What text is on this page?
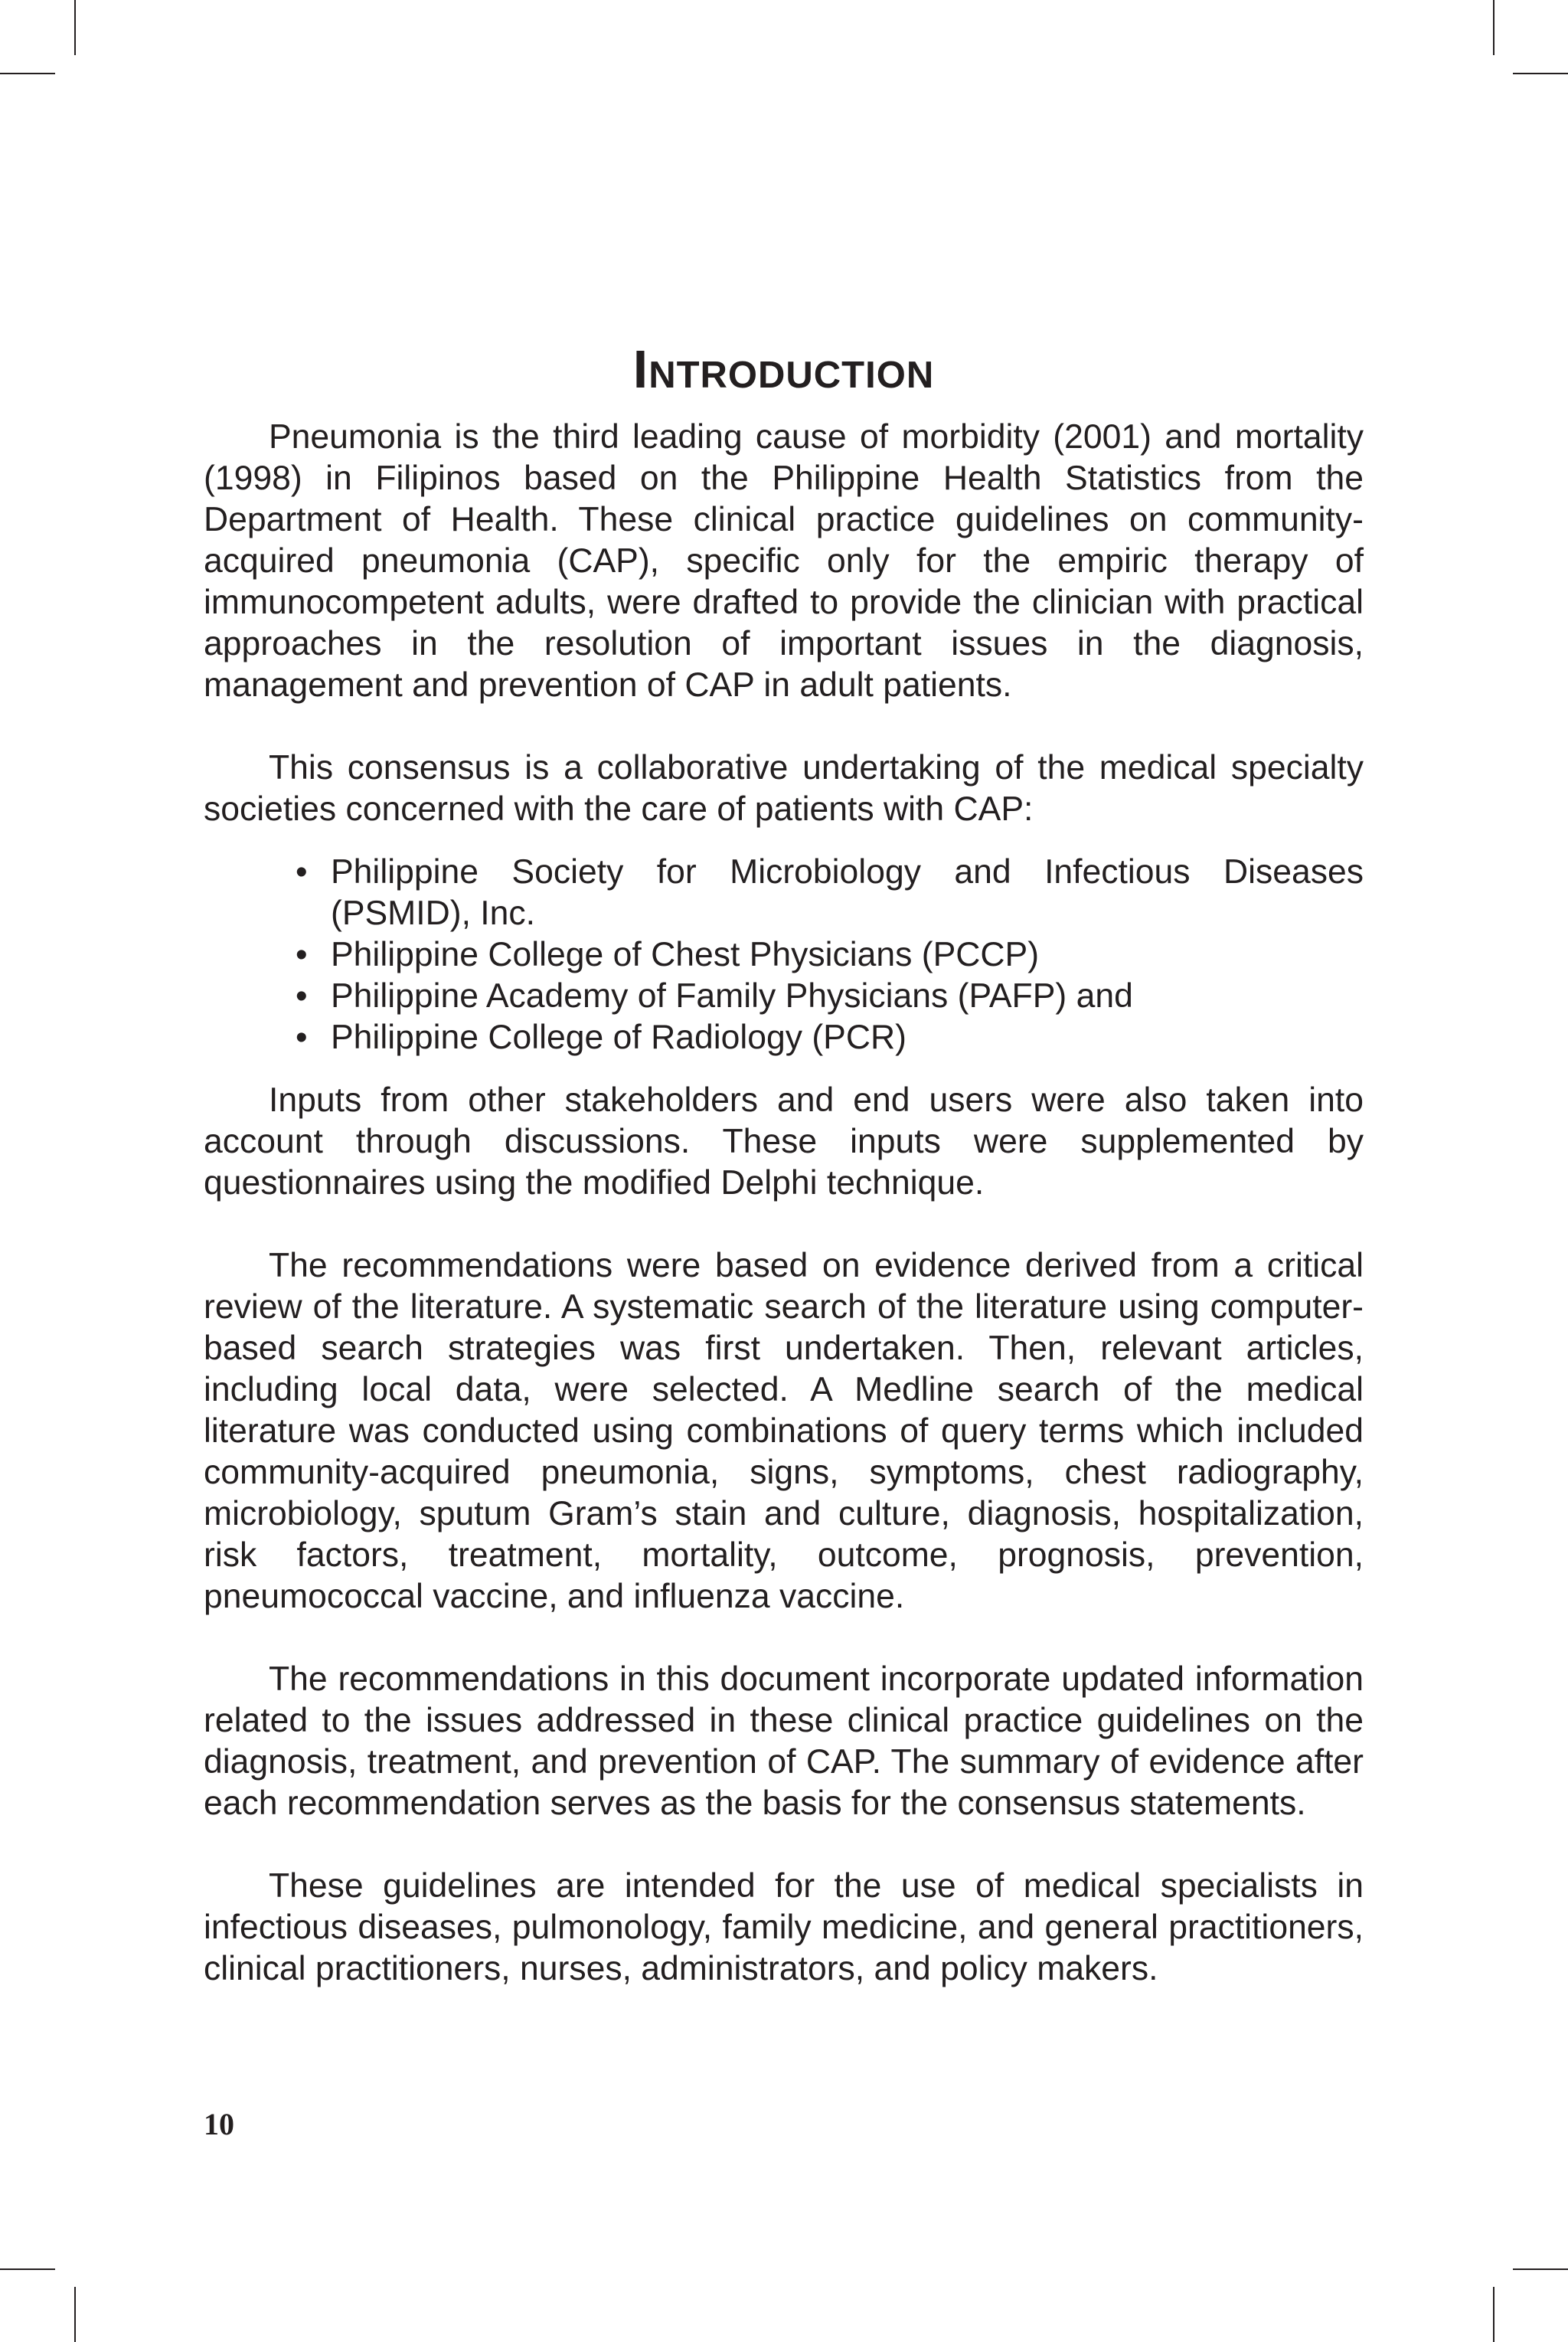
Introduction

Pneumonia is the third leading cause of morbidity (2001) and mortality (1998) in Filipinos based on the Philippine Health Statistics from the Department of Health. These clinical practice guidelines on community-acquired pneumonia (CAP), specific only for the empiric therapy of immunocompetent adults, were drafted to provide the clinician with practical approaches in the resolution of important issues in the diagnosis, management and prevention of CAP in adult patients.

This consensus is a collaborative undertaking of the medical specialty societies concerned with the care of patients with CAP:

• Philippine Society for Microbiology and Infectious Diseases (PSMID), Inc.
• Philippine College of Chest Physicians (PCCP)
• Philippine Academy of Family Physicians (PAFP) and
• Philippine College of Radiology (PCR)

Inputs from other stakeholders and end users were also taken into account through discussions. These inputs were supplemented by questionnaires using the modified Delphi technique.

The recommendations were based on evidence derived from a critical review of the literature. A systematic search of the literature using computer-based search strategies was first undertaken. Then, relevant articles, including local data, were selected. A Medline search of the medical literature was conducted using combinations of query terms which included community-acquired pneumonia, signs, symptoms, chest radiography, microbiology, sputum Gram’s stain and culture, diagnosis, hospitalization, risk factors, treatment, mortality, outcome, prognosis, prevention, pneumococcal vaccine, and influenza vaccine.

The recommendations in this document incorporate updated information related to the issues addressed in these clinical practice guidelines on the diagnosis, treatment, and prevention of CAP. The summary of evidence after each recommendation serves as the basis for the consensus statements.

These guidelines are intended for the use of medical specialists in infectious diseases, pulmonology, family medicine, and general practitioners, clinical practitioners, nurses, administrators, and policy makers.

10
